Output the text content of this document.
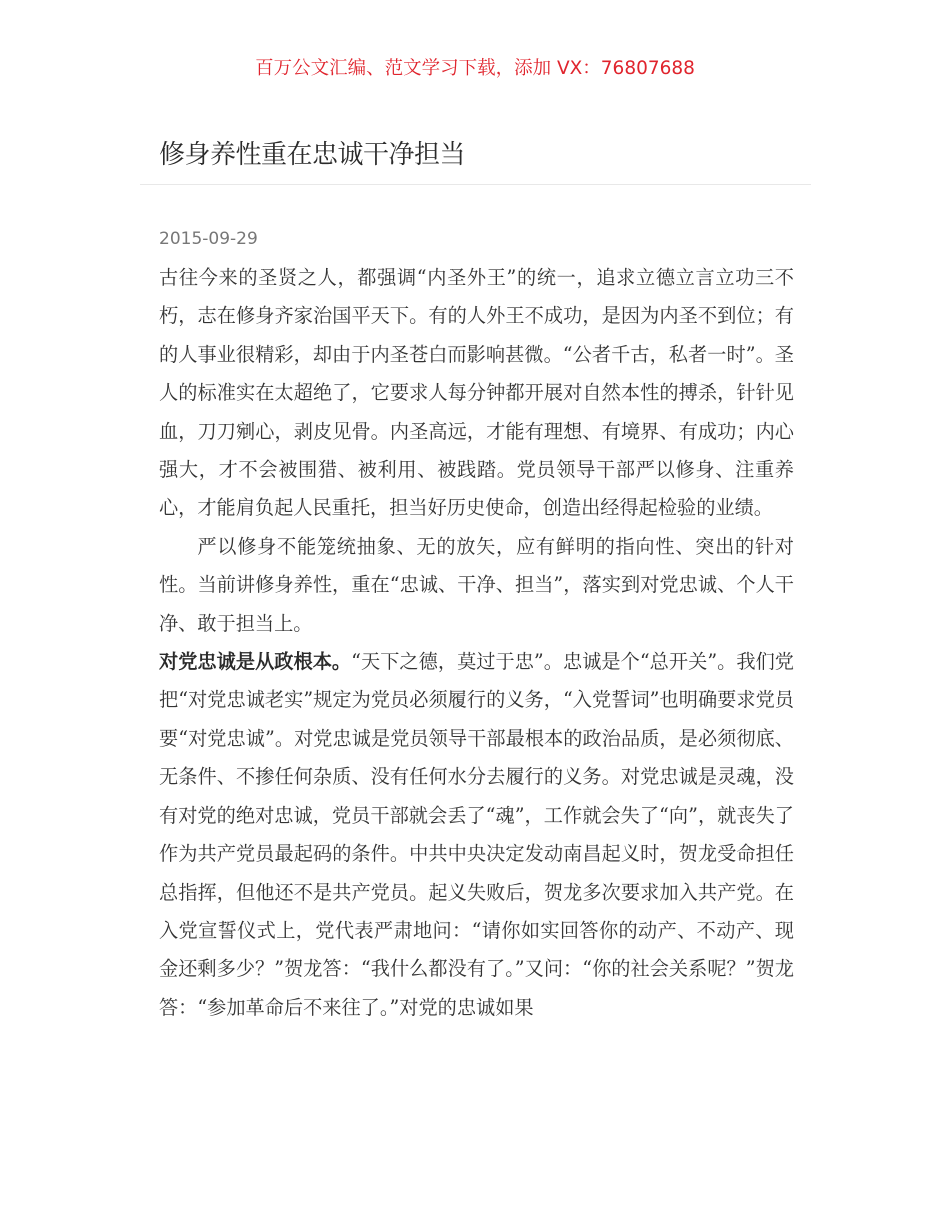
百万公文汇编、范文学习下载，添加 VX：76807688
修身养性重在忠诚干净担当
2015-09-29

古往今来的圣贤之人，都强调“内圣外王”的统一，追求立德立言立功三不朽，志在修身齐家治国平天下。有的人外王不成功，是因为内圣不到位；有的人事业很精彩，却由于内圣苍白而影响甚微。“公者千古，私者一时”。圣人的标准实在太超绝了，它要求人每分钟都开展对自然本性的搏杀，针针见血，刀刀剜心，剥皮见骨。内圣高远，才能有理想、有境界、有成功；内心强大，才不会被围猎、被利用、被践踏。党员领导干部严以修身、注重养心，才能肩负起人民重托，担当好历史使命，创造出经得起检验的业绩。

严以修身不能笼统抽象、无的放矢，应有鲜明的指向性、突出的针对性。当前讲修身养性，重在“忠诚、干净、担当”，落实到对党忠诚、个人干净、敢于担当上。

对党忠诚是从政根本。“天下之德，莫过于忠”。忠诚是个“总开关”。我们党把“对党忠诚老实”规定为党员必须履行的义务，“入党誓词”也明确要求党员要“对党忠诚”。对党忠诚是党员领导干部最根本的政治品质，是必须彻底、无条件、不掺任何杂质、没有任何水分去履行的义务。对党忠诚是灵魂，没有对党的绝对忠诚，党员干部就会丢了“魂”，工作就会失了“向”，就丧失了作为共产党员最起码的条件。中共中央决定发动南昌起义时，贺龙受命担任总指挥，但他还不是共产党员。起义失败后，贺龙多次要求加入共产党。在入党宣誓仪式上，党代表严肃地问：“请你如实回答你的动产、不动产、现金还剩多少？”贺龙答：“我什么都没有了。”又问：“你的社会关系呢？”贺龙答：“参加革命后不来往了。”对党的忠诚如果
